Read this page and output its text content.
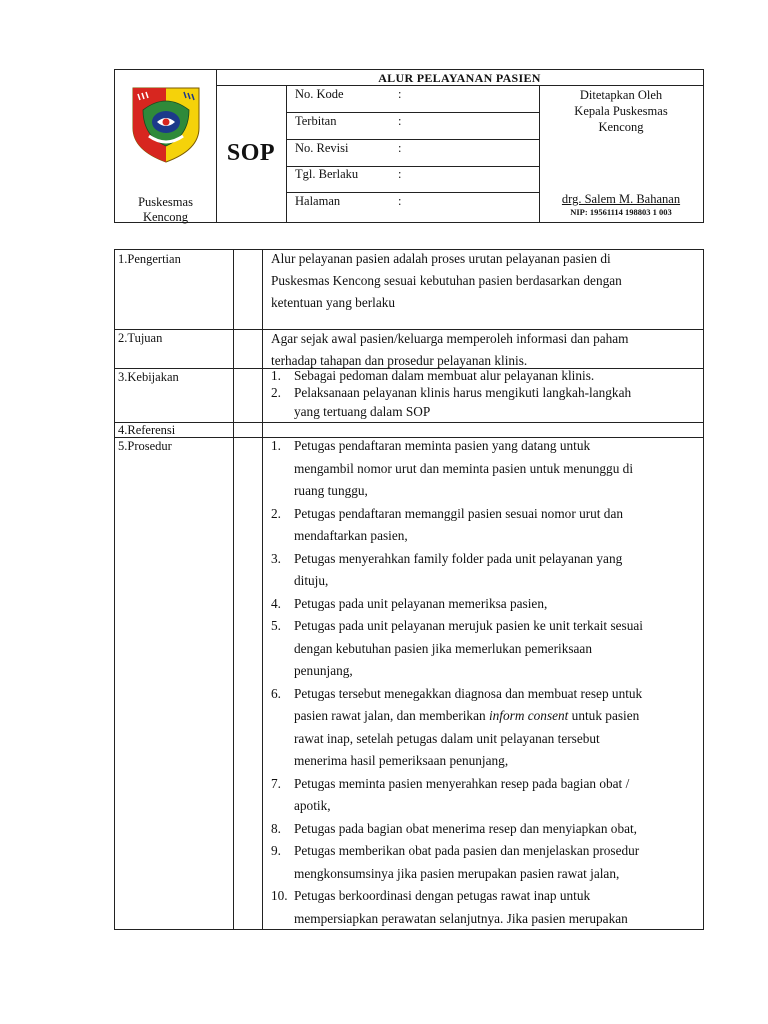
Puskesmas
Kencong
ALUR PELAYANAN PASIEN
SOP
No. Kode	:
Terbitan	:
No. Revisi	:
Tgl. Berlaku	:
Halaman	:
Ditetapkan Oleh
Kepala Puskesmas
Kencong
drg. Salem M. Bahanan
NIP: 19561114 198803 1 003
1.Pengertian	Alur pelayanan pasien adalah proses urutan pelayanan pasien di
Puskesmas Kencong sesuai kebutuhan pasien berdasarkan dengan
ketentuan yang berlaku
2.Tujuan	Agar sejak awal pasien/keluarga memperoleh informasi dan paham
terhadap tahapan dan prosedur pelayanan klinis.
3.Kebijakan	1. Sebagai pedoman dalam membuat alur pelayanan klinis.
2. Pelaksanaan pelayanan klinis harus mengikuti langkah-langkah
yang tertuang dalam SOP
4.Referensi
5.Prosedur	1. Petugas pendaftaran meminta pasien yang datang untuk
mengambil nomor urut dan meminta pasien untuk menunggu di
ruang tunggu,
2. Petugas pendaftaran memanggil pasien sesuai nomor urut dan
mendaftarkan pasien,
3. Petugas menyerahkan family folder pada unit pelayanan yang
dituju,
4. Petugas pada unit pelayanan memeriksa pasien,
5. Petugas pada unit pelayanan merujuk pasien ke unit terkait sesuai
dengan kebutuhan pasien jika memerlukan pemeriksaan
penunjang,
6. Petugas tersebut menegakkan diagnosa dan membuat resep untuk
pasien rawat jalan, dan memberikan inform consent untuk pasien
rawat inap, setelah petugas dalam unit pelayanan tersebut
menerima hasil pemeriksaan penunjang,
7. Petugas meminta pasien menyerahkan resep pada bagian obat /
apotik,
8. Petugas pada bagian obat menerima resep dan menyiapkan obat,
9. Petugas memberikan obat pada pasien dan menjelaskan prosedur
mengkonsumsinya jika pasien merupakan pasien rawat jalan,
10. Petugas berkoordinasi dengan petugas rawat inap untuk
mempersiapkan perawatan selanjutnya. Jika pasien merupakan
